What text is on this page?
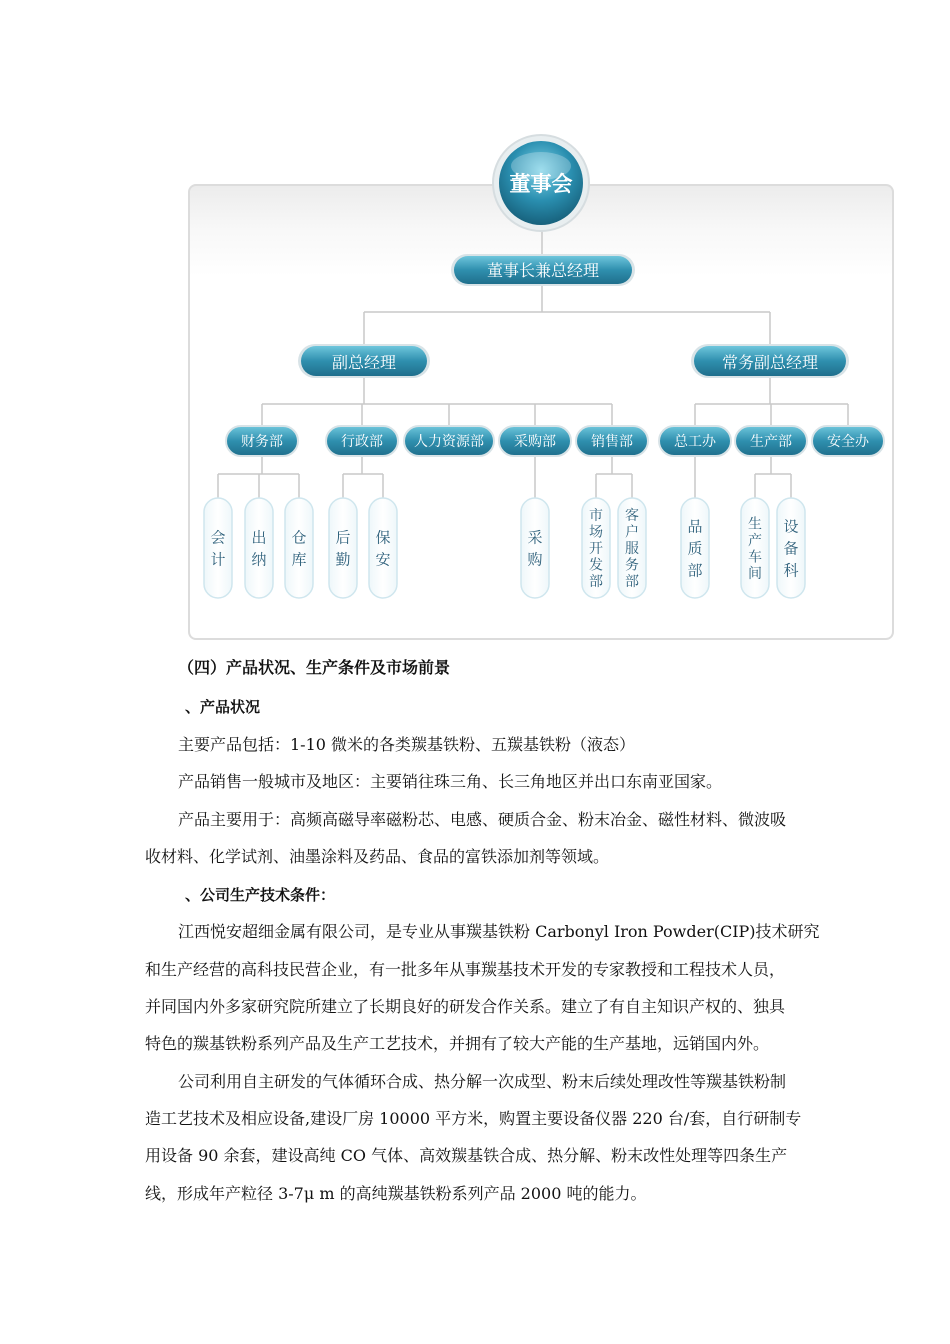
董事会
董事长兼总经理
副总经理	常务副总经理
财务部	行政部 人力资源部 采购部	销售部	总工办 生产部	安全办
会计
出纳
仓库
后勤
保安
采购
市场开发部
客户服务部
品质部
生产车间
设备科
（四）产品状况、生产条件及市场前景
、产品状况
主要产品包括：1-10 微米的各类羰基铁粉、五羰基铁粉（液态）
产品销售一般城市及地区：主要销往珠三角、长三角地区并出口东南亚国家。
产品主要用于：高频高磁导率磁粉芯、电感、硬质合金、粉末冶金、磁性材料、微波吸
收材料、化学试剂、油墨涂料及药品、食品的富铁添加剂等领域。
、公司生产技术条件：
江西悦安超细金属有限公司，是专业从事羰基铁粉 Carbonyl Iron Powder(CIP)技术研究
和生产经营的高科技民营企业，有一批多年从事羰基技术开发的专家教授和工程技术人员，
并同国内外多家研究院所建立了长期良好的研发合作关系。建立了有自主知识产权的、独具
特色的羰基铁粉系列产品及生产工艺技术，并拥有了较大产能的生产基地，远销国内外。
公司利用自主研发的气体循环合成、热分解一次成型、粉末后续处理改性等羰基铁粉制
造工艺技术及相应设备,建设厂房 10000 平方米，购置主要设备仪器 220 台/套，自行研制专
用设备 90 余套，建设高纯 CO 气体、高效羰基铁合成、热分解、粉末改性处理等四条生产
线，形成年产粒径 3-7μ m 的高纯羰基铁粉系列产品 2000 吨的能力。
